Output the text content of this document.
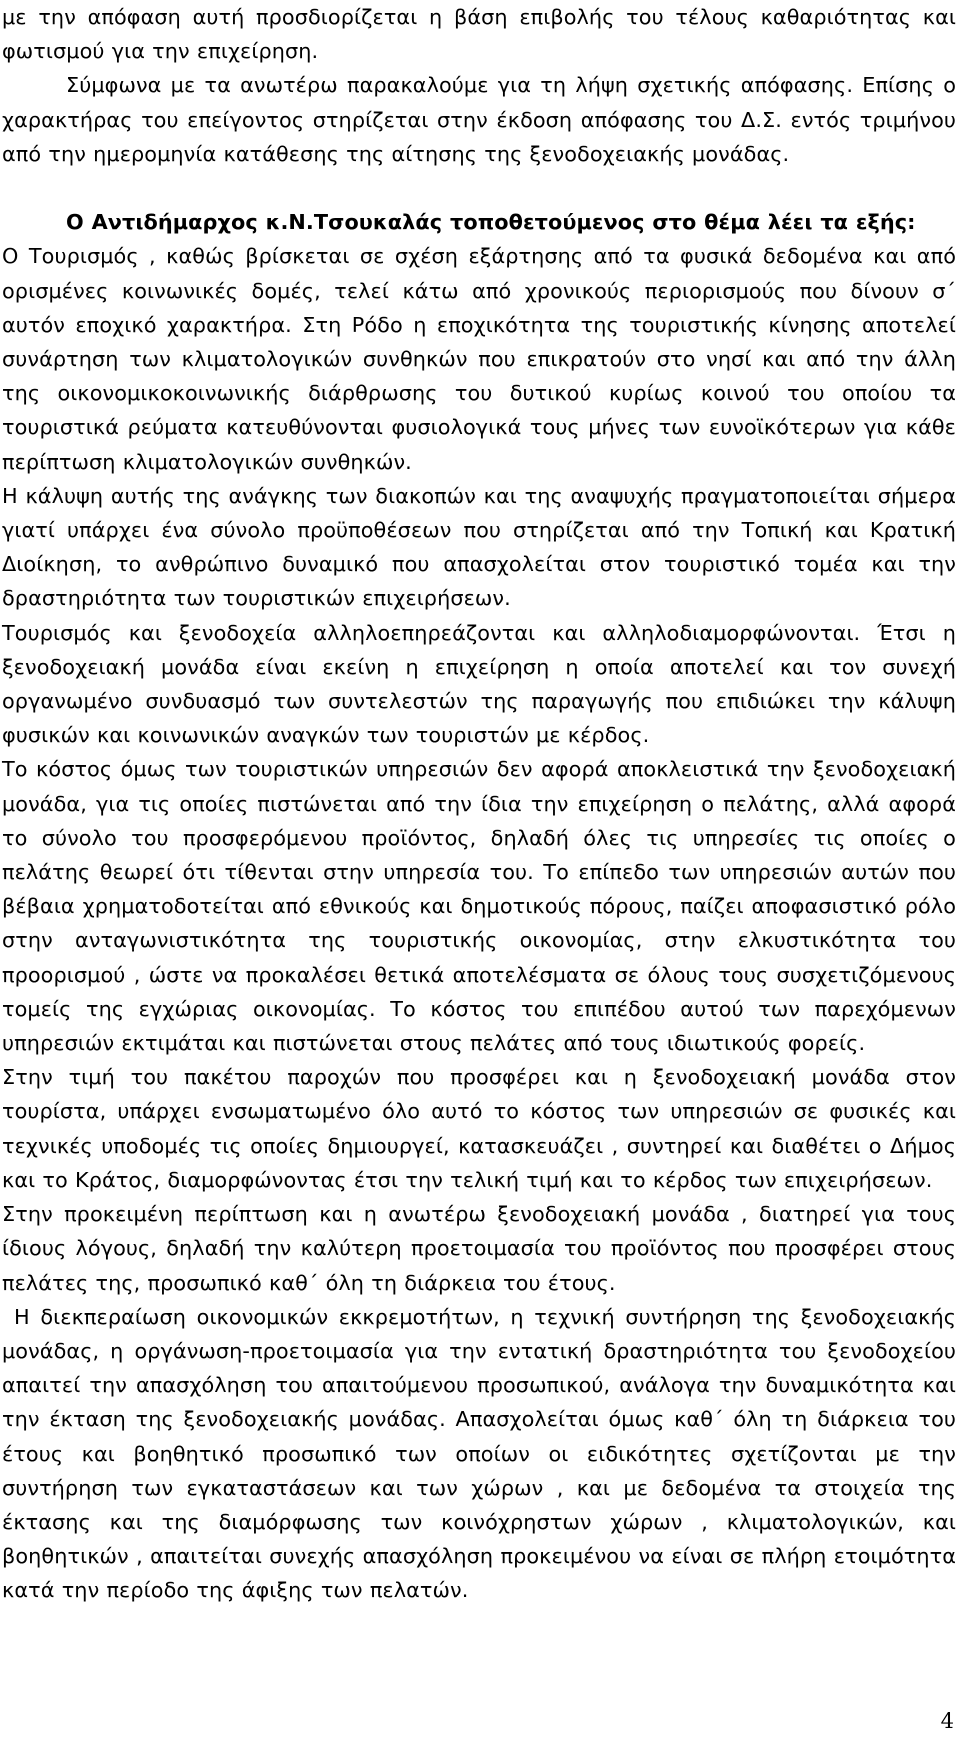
με την απόφαση αυτή προσδιορίζεται η βάση επιβολής του τέλους καθαριότητας και φωτισμού για την επιχείρηση.

Σύμφωνα με τα ανωτέρω παρακαλούμε για τη λήψη σχετικής απόφασης. Επίσης ο χαρακτήρας του επείγοντος στηρίζεται στην έκδοση απόφασης του Δ.Σ. εντός τριμήνου από την ημερομηνία κατάθεσης της αίτησης της ξενοδοχειακής μονάδας.

Ο Αντιδήμαρχος κ.Ν.Τσουκαλάς τοποθετούμενος στο θέμα λέει τα εξής:

Ο Τουρισμός , καθώς βρίσκεται σε σχέση εξάρτησης από τα φυσικά δεδομένα και από ορισμένες κοινωνικές δομές, τελεί κάτω από χρονικούς περιορισμούς που δίνουν σ΄ αυτόν εποχικό χαρακτήρα. Στη Ρόδο η εποχικότητα της τουριστικής κίνησης αποτελεί συνάρτηση των κλιματολογικών συνθηκών που επικρατούν στο νησί και από την άλλη της οικονομικοκοινωνικής διάρθρωσης του δυτικού κυρίως κοινού του οποίου τα τουριστικά ρεύματα κατευθύνονται φυσιολογικά τους μήνες των ευνοϊκότερων για κάθε περίπτωση κλιματολογικών συνθηκών.

Η κάλυψη αυτής της ανάγκης των διακοπών και της αναψυχής πραγματοποιείται σήμερα γιατί υπάρχει ένα σύνολο προϋποθέσεων που στηρίζεται από την Τοπική και Κρατική Διοίκηση, το ανθρώπινο δυναμικό που απασχολείται στον τουριστικό τομέα και την δραστηριότητα των τουριστικών επιχειρήσεων.

Τουρισμός και ξενοδοχεία αλληλοεπηρεάζονται και αλληλοδιαμορφώνονται. Έτσι η ξενοδοχειακή μονάδα είναι εκείνη η επιχείρηση η οποία αποτελεί και τον συνεχή οργανωμένο συνδυασμό των συντελεστών της παραγωγής που επιδιώκει την κάλυψη φυσικών και κοινωνικών αναγκών των τουριστών με κέρδος.

Το κόστος όμως των τουριστικών υπηρεσιών δεν αφορά αποκλειστικά την ξενοδοχειακή μονάδα, για τις οποίες πιστώνεται από την ίδια την επιχείρηση ο πελάτης, αλλά αφορά το σύνολο του προσφερόμενου προϊόντος, δηλαδή όλες τις υπηρεσίες τις οποίες ο πελάτης θεωρεί ότι τίθενται στην υπηρεσία του. Το επίπεδο των υπηρεσιών αυτών που βέβαια χρηματοδοτείται από εθνικούς και δημοτικούς πόρους, παίζει αποφασιστικό ρόλο στην ανταγωνιστικότητα της τουριστικής οικονομίας, στην ελκυστικότητα του προορισμού , ώστε να προκαλέσει θετικά αποτελέσματα σε όλους τους συσχετιζόμενους τομείς της εγχώριας οικονομίας. Το κόστος του επιπέδου αυτού των παρεχόμενων υπηρεσιών εκτιμάται και πιστώνεται στους πελάτες από τους ιδιωτικούς φορείς.

Στην τιμή του πακέτου παροχών που προσφέρει και η ξενοδοχειακή μονάδα στον τουρίστα, υπάρχει ενσωματωμένο όλο αυτό το κόστος των υπηρεσιών σε φυσικές και τεχνικές υποδομές τις οποίες δημιουργεί, κατασκευάζει , συντηρεί και διαθέτει ο Δήμος και το Κράτος, διαμορφώνοντας έτσι την τελική τιμή και το κέρδος των επιχειρήσεων.

Στην προκειμένη περίπτωση και η ανωτέρω ξενοδοχειακή μονάδα , διατηρεί για τους ίδιους λόγους, δηλαδή την καλύτερη προετοιμασία του προϊόντος που προσφέρει στους πελάτες της, προσωπικό καθ΄ όλη τη διάρκεια του έτους.

Η διεκπεραίωση οικονομικών εκκρεμοτήτων, η τεχνική συντήρηση της ξενοδοχειακής μονάδας, η οργάνωση-προετοιμασία για την εντατική δραστηριότητα του ξενοδοχείου απαιτεί την απασχόληση του απαιτούμενου προσωπικού, ανάλογα την δυναμικότητα και την έκταση της ξενοδοχειακής μονάδας. Απασχολείται όμως καθ΄ όλη τη διάρκεια του έτους και βοηθητικό προσωπικό των οποίων οι ειδικότητες σχετίζονται με την συντήρηση των εγκαταστάσεων και των χώρων , και με δεδομένα τα στοιχεία της έκτασης και της διαμόρφωσης των κοινόχρηστων χώρων , κλιματολογικών, και βοηθητικών , απαιτείται συνεχής απασχόληση προκειμένου να είναι σε πλήρη ετοιμότητα κατά την περίοδο της άφιξης των πελατών.

4
